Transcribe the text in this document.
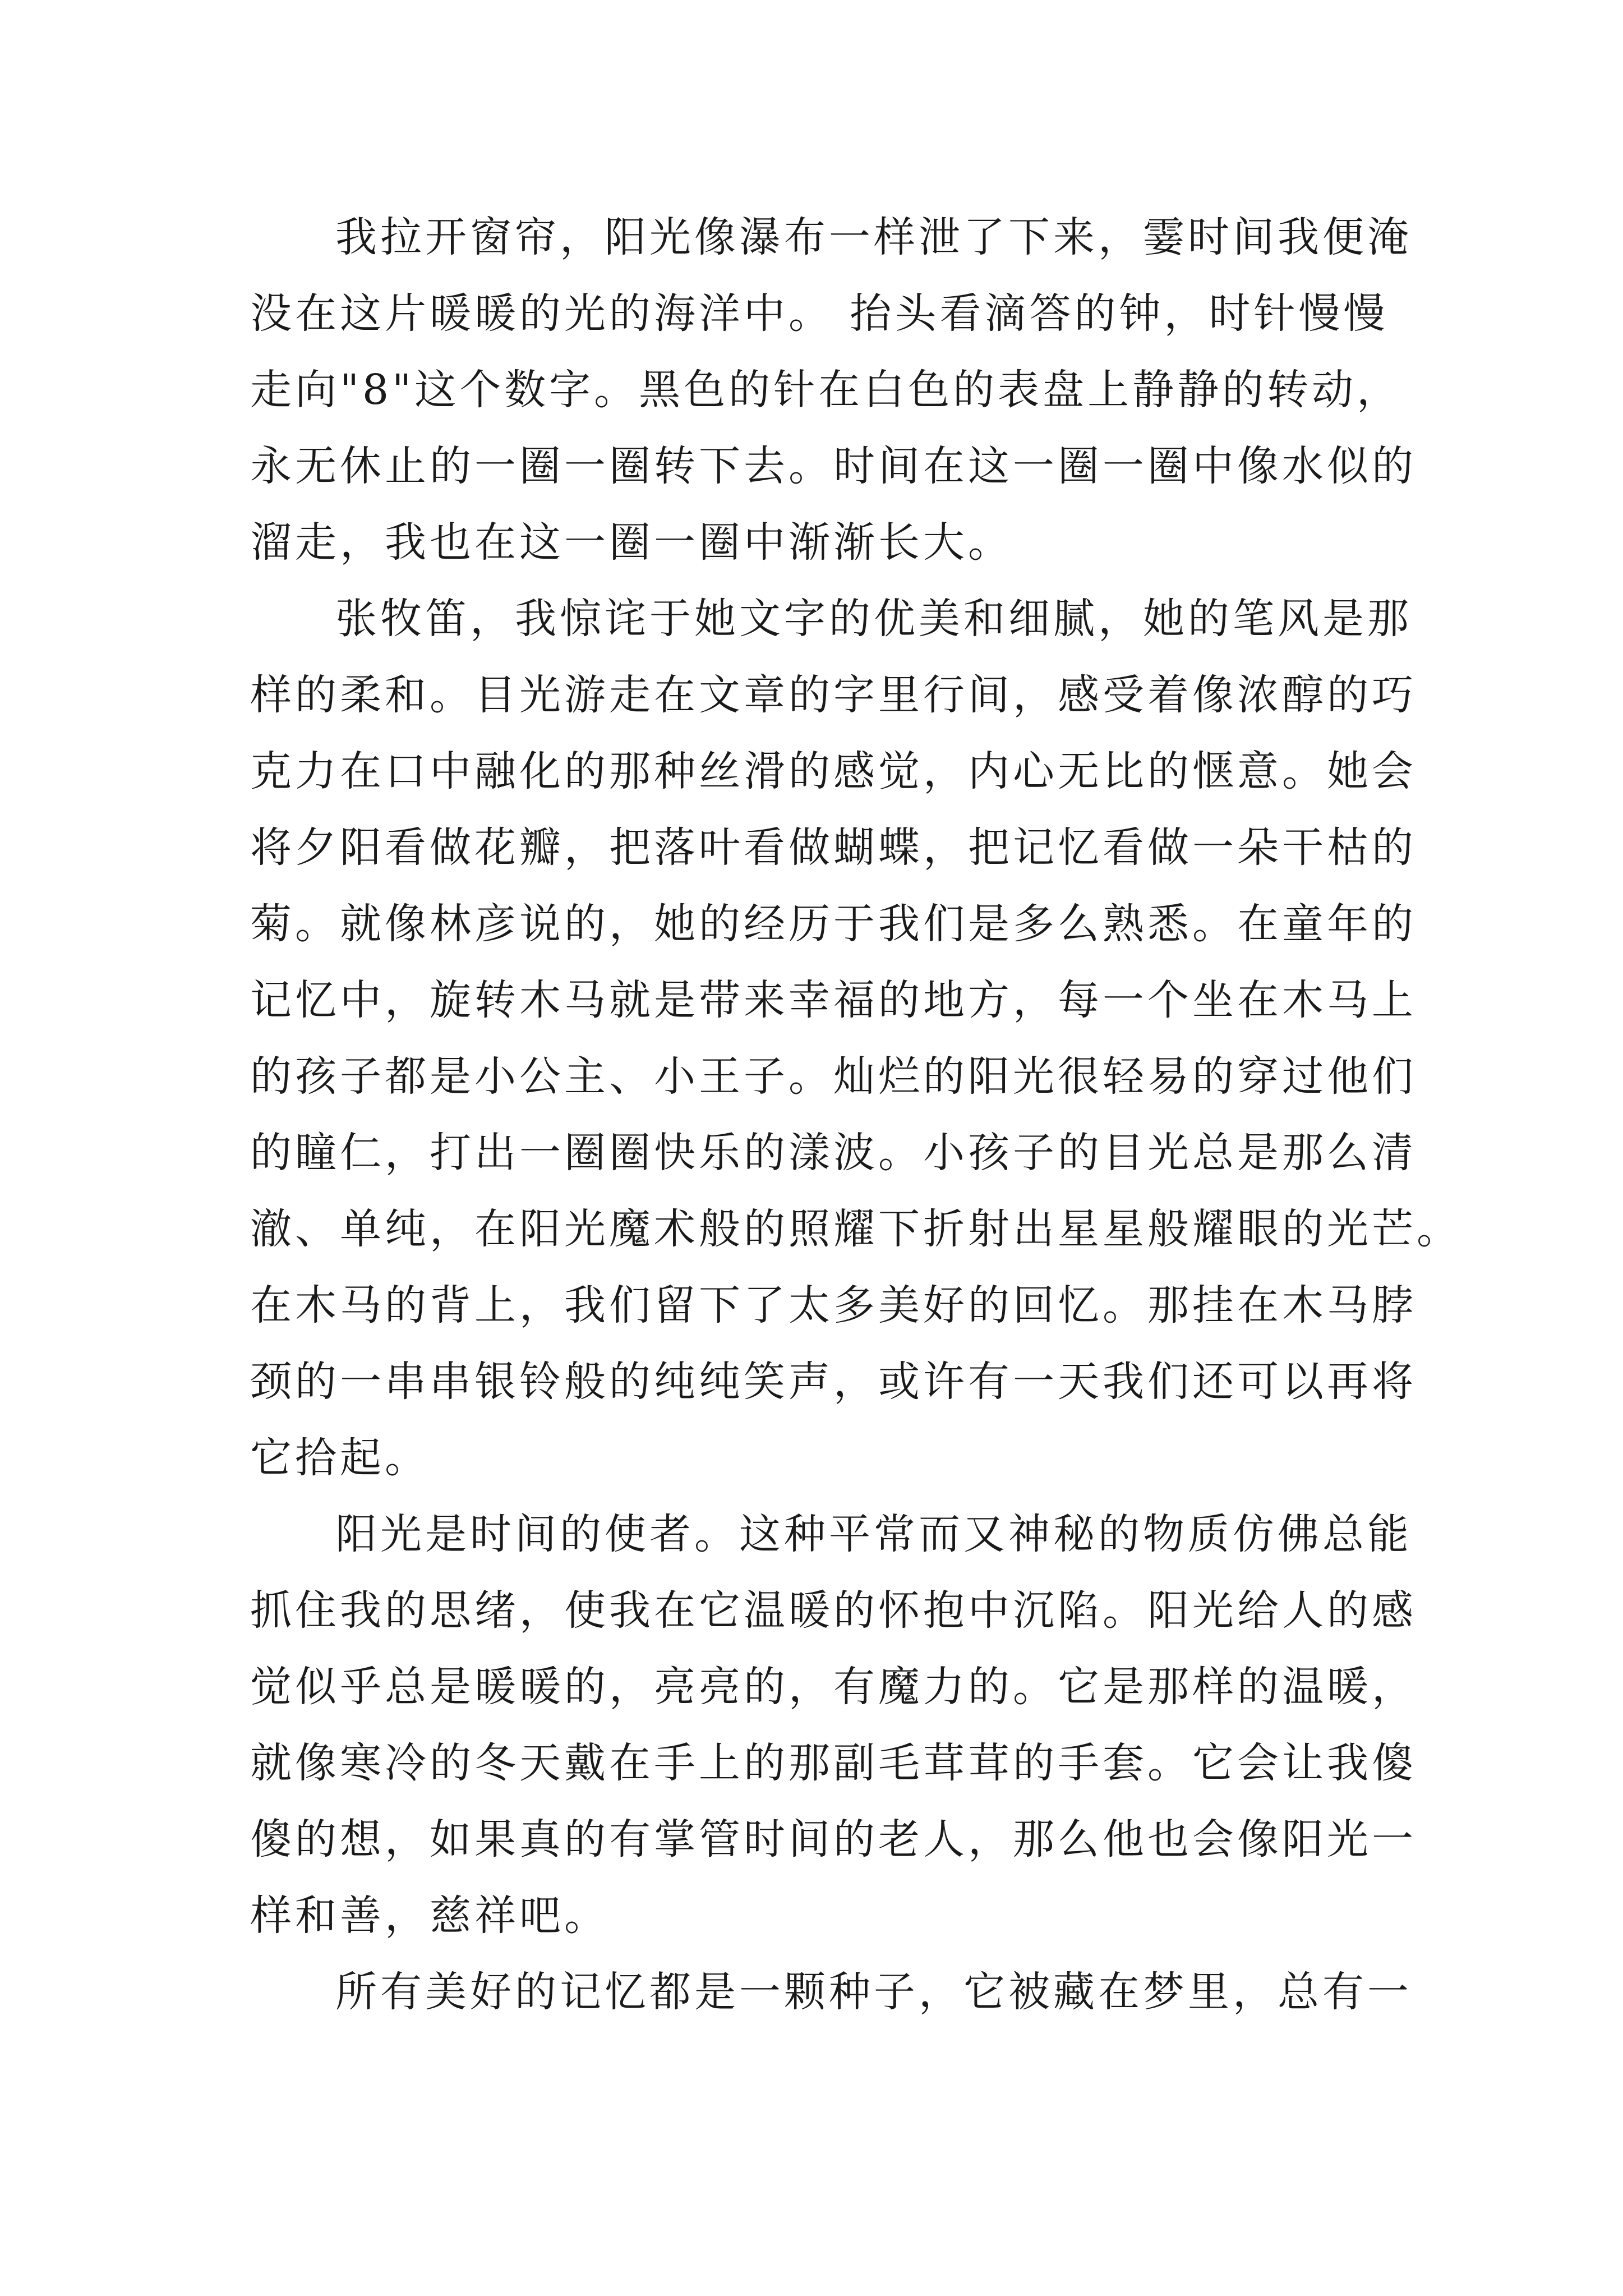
我拉开窗帘，阳光像瀑布一样泄了下来，霎时间我便淹
没在这片暖暖的光的海洋中。 抬头看滴答的钟，时针慢慢
走向"8"这个数字。黑色的针在白色的表盘上静静的转动，
永无休止的一圈一圈转下去。时间在这一圈一圈中像水似的
溜走，我也在这一圈一圈中渐渐长大。
张牧笛，我惊诧于她文字的优美和细腻，她的笔风是那
样的柔和。目光游走在文章的字里行间，感受着像浓醇的巧
克力在口中融化的那种丝滑的感觉，内心无比的惬意。她会
将夕阳看做花瓣，把落叶看做蝴蝶，把记忆看做一朵干枯的
菊。就像林彦说的，她的经历于我们是多么熟悉。在童年的
记忆中，旋转木马就是带来幸福的地方，每一个坐在木马上
的孩子都是小公主、小王子。灿烂的阳光很轻易的穿过他们
的瞳仁，打出一圈圈快乐的漾波。小孩子的目光总是那么清
澈、单纯，在阳光魔术般的照耀下折射出星星般耀眼的光芒。
在木马的背上，我们留下了太多美好的回忆。那挂在木马脖
颈的一串串银铃般的纯纯笑声，或许有一天我们还可以再将
它拾起。
阳光是时间的使者。这种平常而又神秘的物质仿佛总能
抓住我的思绪，使我在它温暖的怀抱中沉陷。阳光给人的感
觉似乎总是暖暖的，亮亮的，有魔力的。它是那样的温暖，
就像寒冷的冬天戴在手上的那副毛茸茸的手套。它会让我傻
傻的想，如果真的有掌管时间的老人，那么他也会像阳光一
样和善，慈祥吧。
所有美好的记忆都是一颗种子，它被藏在梦里，总有一
